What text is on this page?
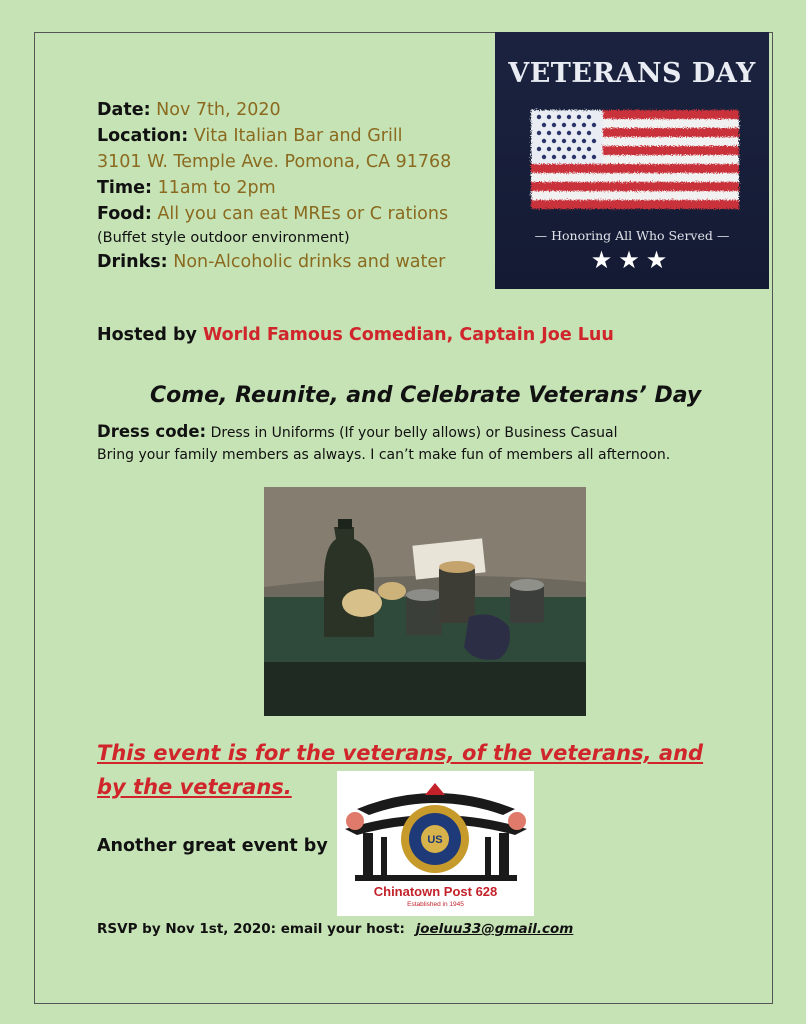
Date: Nov 7th, 2020
Location: Vita Italian Bar and Grill
3101 W. Temple Ave. Pomona, CA 91768
Time: 11am to 2pm
Food: All you can eat MREs or C rations
(Buffet style outdoor environment)
Drinks: Non-Alcoholic drinks and water
VETERANS DAY
— Honoring All Who Served —
★★★
Hosted by World Famous Comedian, Captain Joe Luu
Come, Reunite, and Celebrate Veterans’ Day
Dress code: Dress in Uniforms (If your belly allows) or Business Casual
Bring your family members as always. I can’t make fun of members all afternoon.
This event is for the veterans, of the veterans, and
by the veterans.
Another great event by	US
Chinatown Post 628
Established in 1945
RSVP by Nov 1st, 2020: email your host: joeluu33@gmail.com
